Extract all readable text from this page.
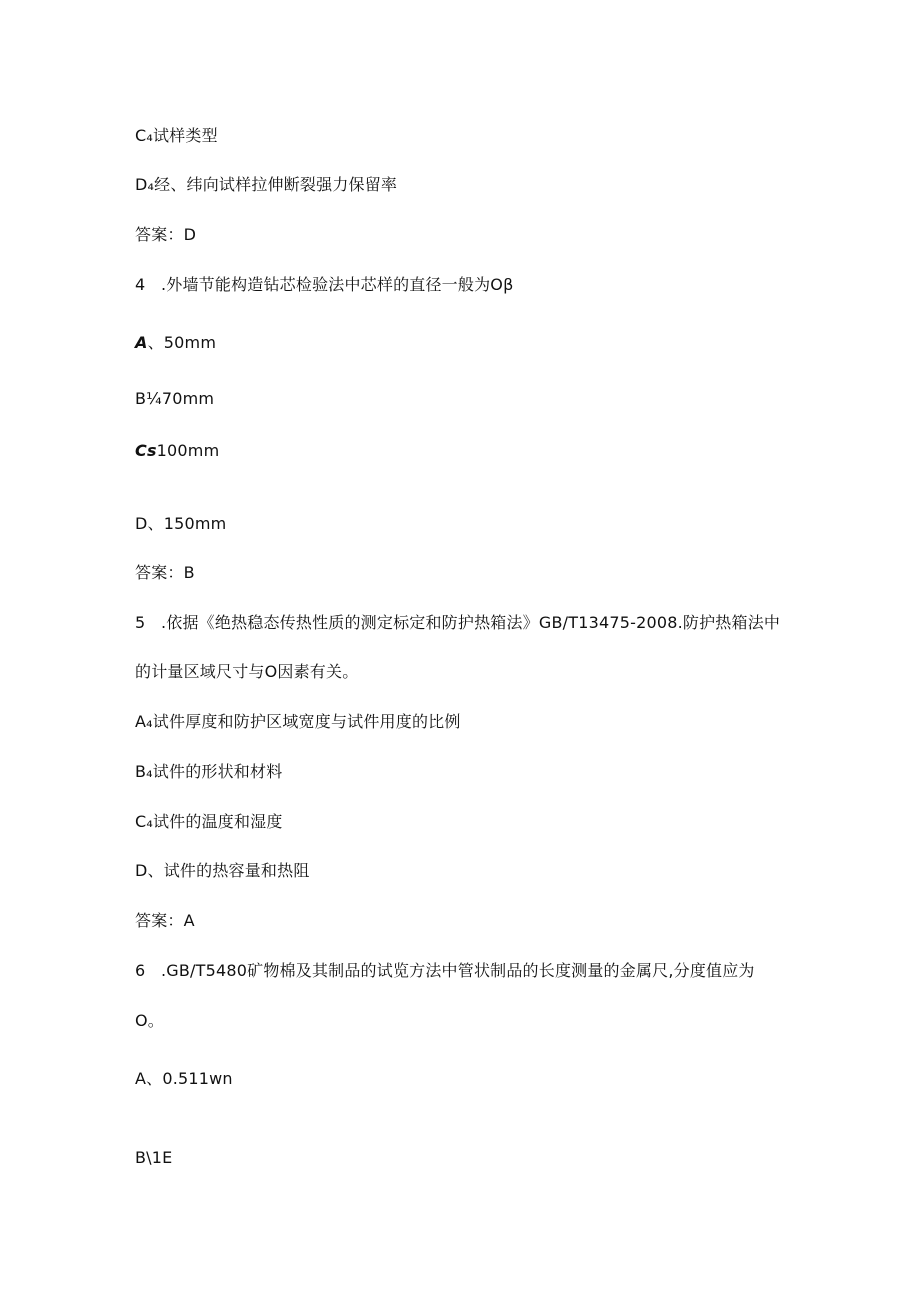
C₄试样类型
D₄经、纬向试样拉伸断裂强力保留率
答案：D
4 .外墙节能构造钻芯检验法中芯样的直径一般为Oβ
A、50mm
B¼70mm
Cs100mm
D、150mm
答案：B
5 .依据《绝热稳态传热性质的测定标定和防护热箱法》GB/T13475-2008.防护热箱法中
的计量区域尺寸与O因素有关。
A₄试件厚度和防护区域宽度与试件用度的比例
B₄试件的形状和材料
C₄试件的温度和湿度
D、试件的热容量和热阻
答案：A
6 .GB/T5480矿物棉及其制品的试览方法中管状制品的长度测量的金属尺,分度值应为
O。
A、0.511wn
B\1E
